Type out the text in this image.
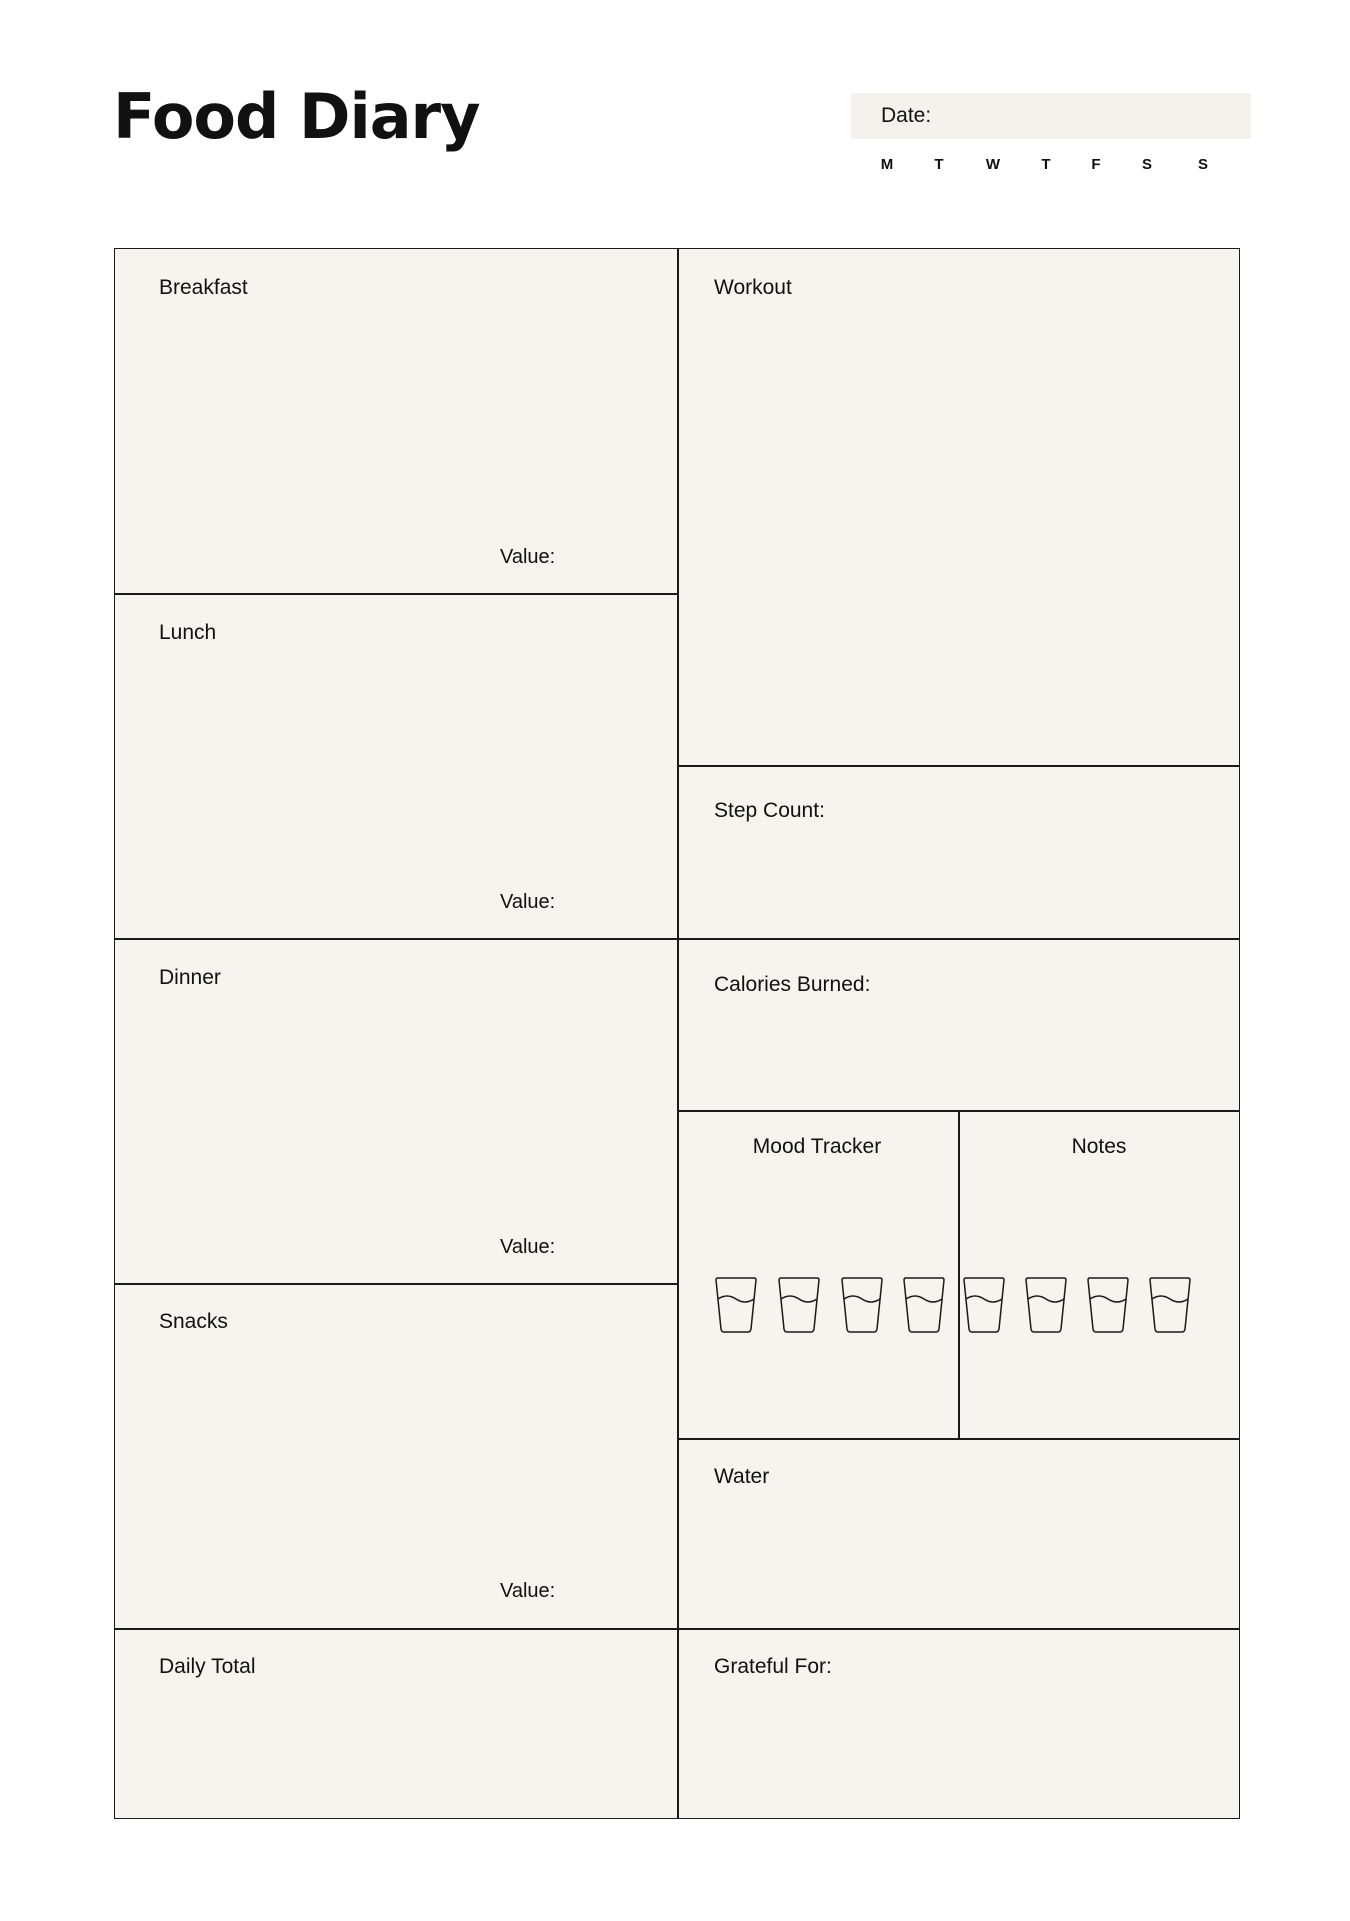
Food Diary	Date:
M	T	W	T	F	S	S
Breakfast
Value:
Lunch
Value:
Dinner
Value:
Snacks
Value:
Daily Total
Workout
Step Count:
Calories Burned:
Mood Tracker	Notes
Water
Grateful For:
